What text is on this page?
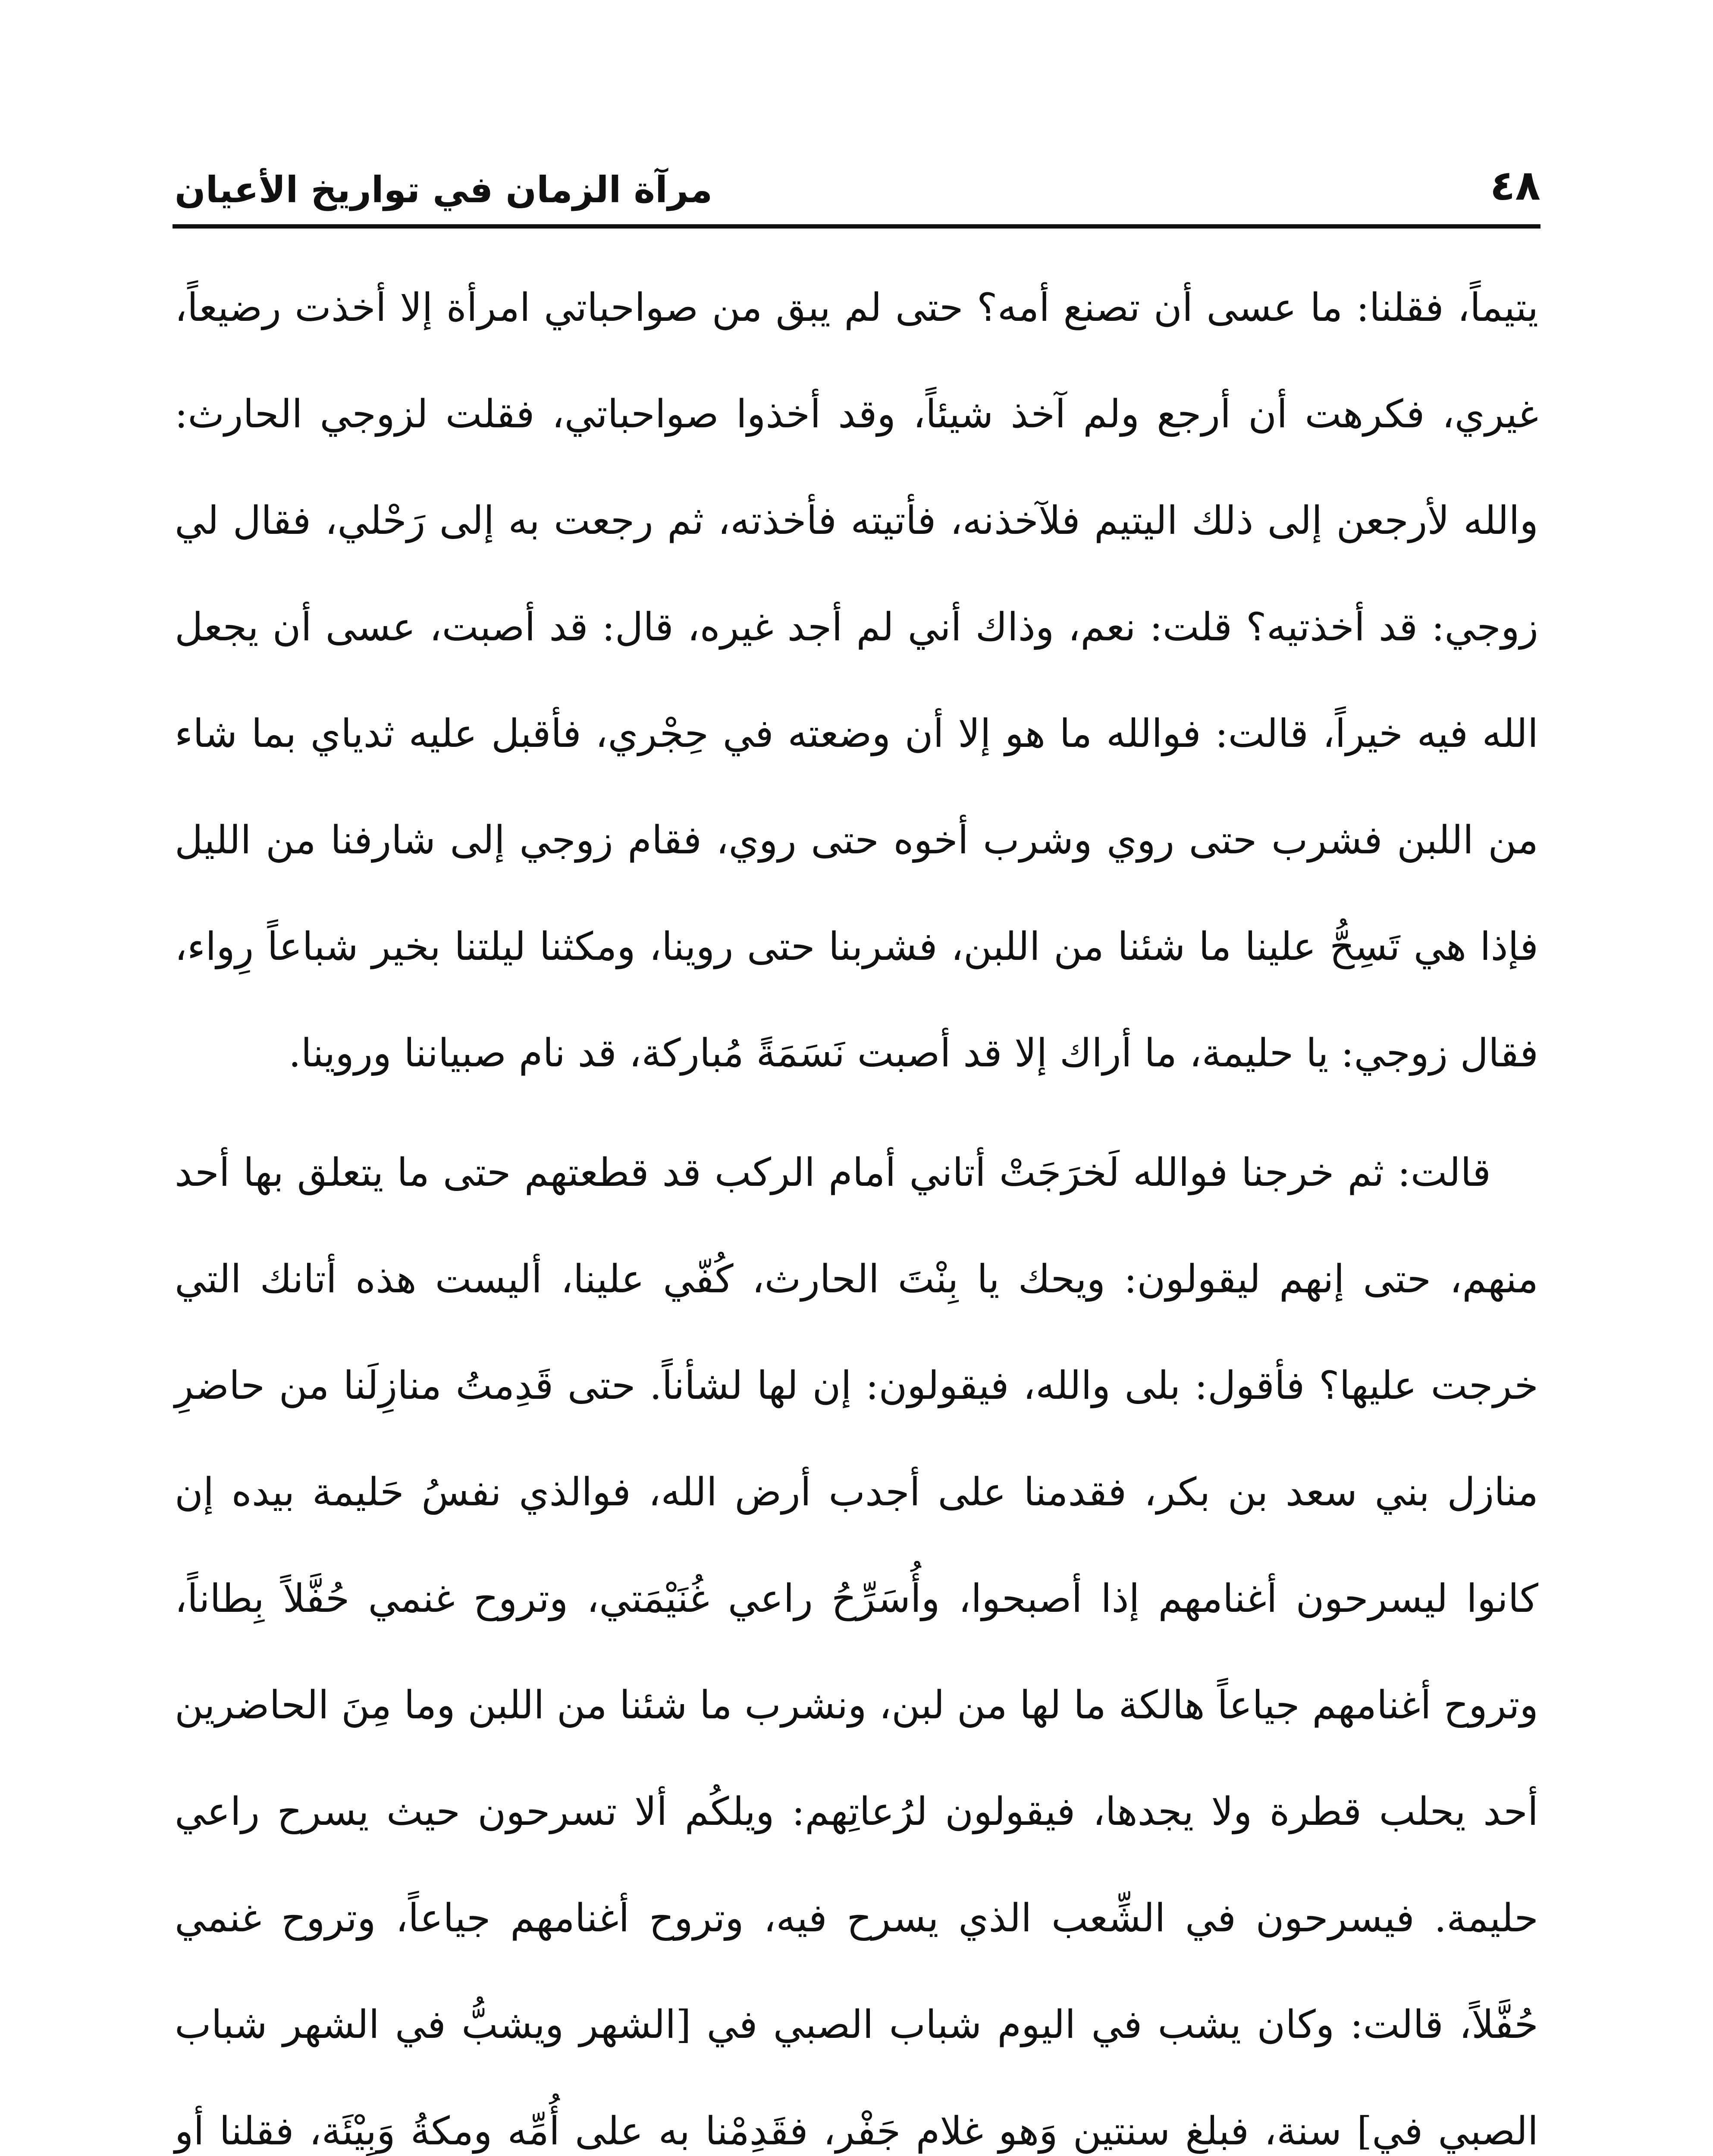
٤٨
مرآة الزمان في تواريخ الأعيان

يتيماً، فقلنا: ما عسى أن تصنع أمه؟ حتى لم يبق من صواحباتي امرأة إلا أخذت رضيعاً، غيري، فكرهت أن أرجع ولم آخذ شيئاً، وقد أخذوا صواحباتي، فقلت لزوجي الحارث: والله لأرجعن إلى ذلك اليتيم فلآخذنه، فأتيته فأخذته، ثم رجعت به إلى رَحْلي، فقال لي زوجي: قد أخذتيه؟ قلت: نعم، وذاك أني لم أجد غيره، قال: قد أصبت، عسى أن يجعل الله فيه خيراً، قالت: فوالله ما هو إلا أن وضعته في حِجْري، فأقبل عليه ثدياي بما شاء من اللبن فشرب حتى روي وشرب أخوه حتى روي، فقام زوجي إلى شارفنا من الليل فإذا هي تَسِحُّ علينا ما شئنا من اللبن، فشربنا حتى روينا، ومكثنا ليلتنا بخير شباعاً رِواء، فقال زوجي: يا حليمة، ما أراك إلا قد أصبت نَسَمَةً مُباركة، قد نام صبياننا وروينا.

قالت: ثم خرجنا فوالله لَخرَجَتْ أتاني أمام الركب قد قطعتهم حتى ما يتعلق بها أحد منهم، حتى إنهم ليقولون: ويحك يا بِنْتَ الحارث، كُفّي علينا، أليست هذه أتانك التي خرجت عليها؟ فأقول: بلى والله، فيقولون: إن لها لشأناً. حتى قَدِمتُ منازِلَنا من حاضرِ منازل بني سعد بن بكر، فقدمنا على أجدب أرض الله، فوالذي نفسُ حَليمة بيده إن كانوا ليسرحون أغنامهم إذا أصبحوا، وأُسَرِّحُ راعي غُنَيْمَتي، وتروح غنمي حُفَّلاً بِطاناً، وتروح أغنامهم جياعاً هالكة ما لها من لبن، ونشرب ما شئنا من اللبن وما مِنَ الحاضرين أحد يحلب قطرة ولا يجدها، فيقولون لرُعاتِهم: ويلكُم ألا تسرحون حيث يسرح راعي حليمة. فيسرحون في الشِّعب الذي يسرح فيه، وتروح أغنامهم جياعاً، وتروح غنمي حُفَّلاً، قالت: وكان يشب في اليوم شباب الصبي في [الشهر ويشبُّ في الشهر شباب الصبي في] سنة، فبلغ سنتين وَهو غلام جَفْر، فقَدِمْنا به على أُمِّه ومكةُ وَبِيْئَة، فقلنا أو
